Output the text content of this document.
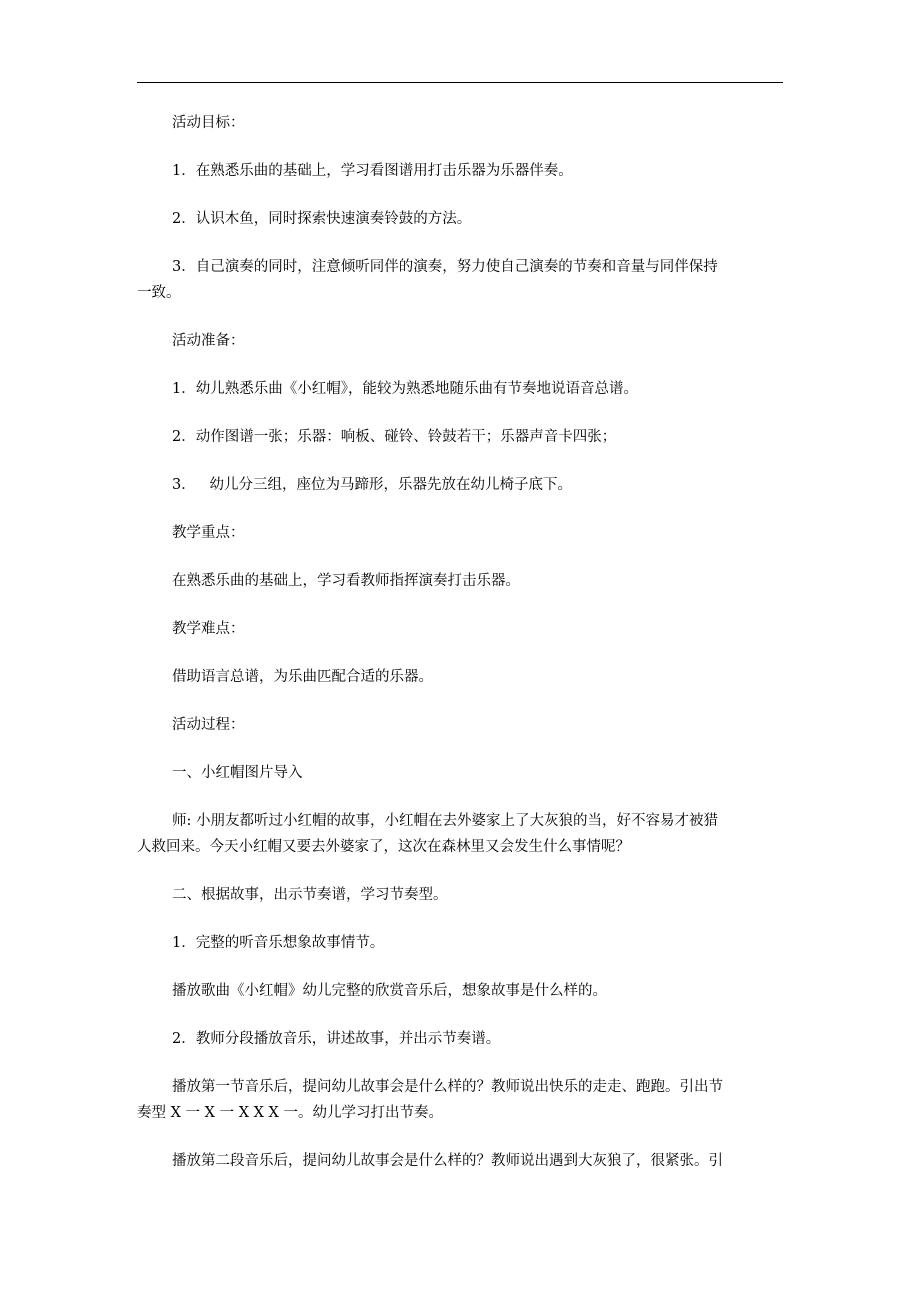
活动目标：

1．在熟悉乐曲的基础上，学习看图谱用打击乐器为乐器伴奏。

2．认识木鱼，同时探索快速演奏铃鼓的方法。

3．自己演奏的同时，注意倾听同伴的演奏，努力使自己演奏的节奏和音量与同伴保持

一致。

活动准备：

1．幼儿熟悉乐曲《小红帽》，能较为熟悉地随乐曲有节奏地说语音总谱。

2．动作图谱一张；乐器：响板、碰铃、铃鼓若干；乐器声音卡四张；

3．   幼儿分三组，座位为马蹄形，乐器先放在幼儿椅子底下。

教学重点：

在熟悉乐曲的基础上，学习看教师指挥演奏打击乐器。

教学难点：

借助语言总谱，为乐曲匹配合适的乐器。

活动过程：

一、小红帽图片导入

师: 小朋友都听过小红帽的故事，小红帽在去外婆家上了大灰狼的当，好不容易才被猎

人救回来。今天小红帽又要去外婆家了，这次在森林里又会发生什么事情呢？

二、根据故事，出示节奏谱，学习节奏型。

1．完整的听音乐想象故事情节。

播放歌曲《小红帽》幼儿完整的欣赏音乐后，想象故事是什么样的。

2．教师分段播放音乐，讲述故事，并出示节奏谱。

播放第一节音乐后，提问幼儿故事会是什么样的？教师说出快乐的走走、跑跑。引出节

奏型 X 一 X 一 X X X 一。幼儿学习打出节奏。

播放第二段音乐后，提问幼儿故事会是什么样的？教师说出遇到大灰狼了，很紧张。引
